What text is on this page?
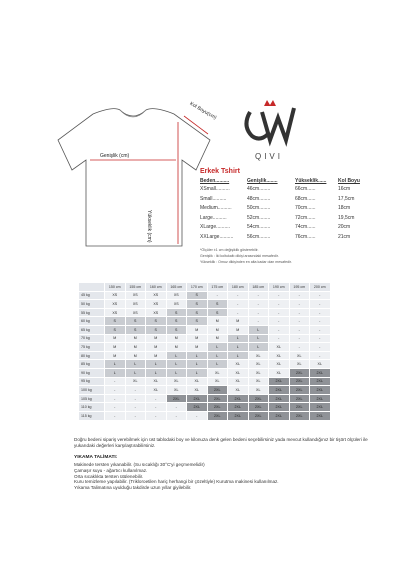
Kol Boyu(cm)
Genişlik (cm)
Yükseklik (cm)
QIVI
Erkek Tshirt
Beden..........	Genişlik........	Yükseklik......	Kol Boyu
XSmall..........	46cm........	66cm......	16cm
Small..........	48cm........	68cm......	17,5cm
Medium..........	50cm........	70cm......	18cm
Large..........	52cm........	72cm......	19,5cm
XLarge..........	54cm........	74cm......	20cm
XXLarge..........	56cm........	76cm......	21cm
*Ölçüler ±1 cm değişiklik gösterebilir.
Genişlik : İki koltukaltı dikişi arasındaki mesafedir.
Yükseklik : Omuz dikişinden en alta kadar olan mesafedir.
	150 cm	155 cm	160 cm	165 cm	170 cm	175 cm	180 cm	185 cm	190 cm	195 cm	200 cm
45 kg	XS	XS	XS	XS	S	-	-	-	-	-	-
50 kg	XS	XS	XS	XS	S	S	-	-	-	-	-
55 kg	XS	XS	XS	S	S	S	-	-	-	-	-
60 kg	S	S	S	S	S	M	M	-	-	-	-
65 kg	S	S	S	S	M	M	M	L	-	-	-
70 kg	M	M	M	M	M	M	L	L	-	-	-
75 kg	M	M	M	M	M	L	L	L	XL	-	-
80 kg	M	M	M	L	L	L	L	XL	XL	XL	-
85 kg	L	L	L	L	L	L	XL	XL	XL	XL	XL
90 kg	L	L	L	L	L	XL	XL	XL	XL	2XL	2XL
95 kg	-	XL	XL	XL	XL	XL	XL	XL	2XL	2XL	2XL
100 kg	-	-	XL	XL	XL	2XL	XL	XL	2XL	2XL	2XL
105 kg	-	-	-	2XL	2XL	2XL	2XL	2XL	2XL	2XL	2XL
110 kg	-	-	-	-	2XL	2XL	2XL	2XL	2XL	2XL	2XL
115 kg	-	-	-	-	-	2XL	2XL	2XL	2XL	2XL	2XL
Doğru bedeni sipariş verebilmek için üst tablodaki boy ve kilonuza denk gelen bedeni seçebilirsiniz yada mevcut kullandığınız bir tişört ölçüleri ile yukarıdaki değerleri karşılaştırabilirsiniz.
YIKAMA TALİMATI:
Makinede tersten yıkanabilir. (Su sıcaklığı 30°C'yi geçmemelidir)
Çamaşır suyu - ağartıcı kullanılmaz.
Orta sıcaklıkta tersten ütülenebilir.
Kuru temizleme yapılabilir. (Trikloroetilen hariç herhangi bir çözeltiyle) Kurutma makinesi kullanılmaz.
Yıkama Talimatına uyulduğu takdirde uzun yıllar giyilebilir.
